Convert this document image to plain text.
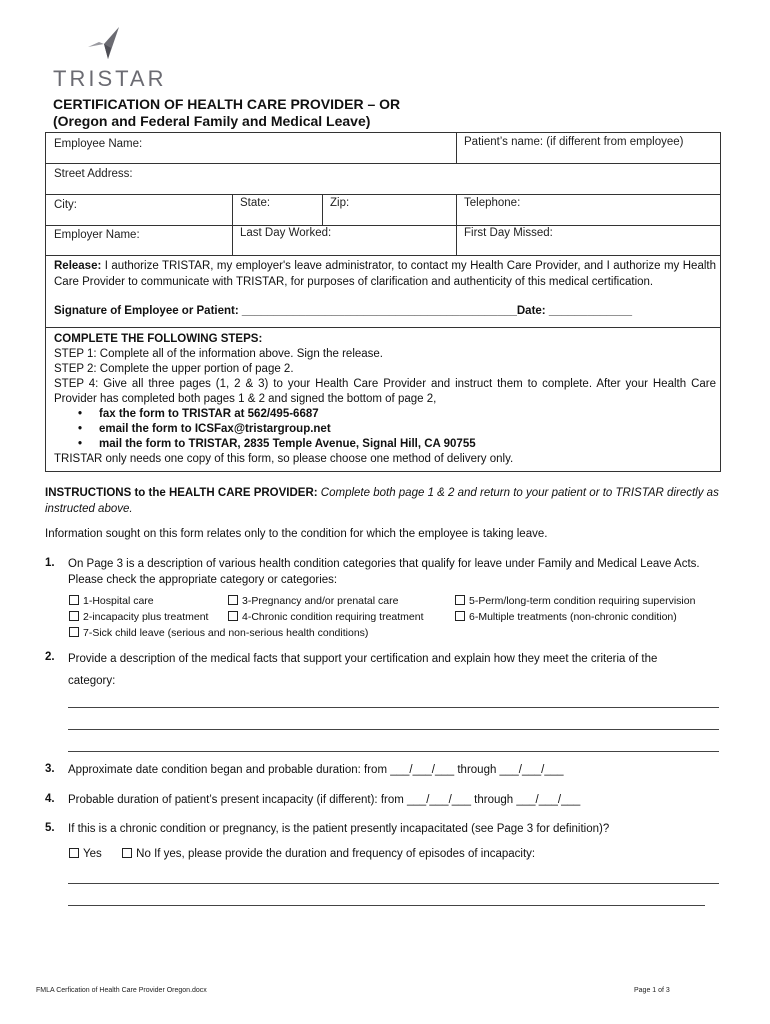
TRISTAR
CERTIFICATION OF HEALTH CARE PROVIDER – OR
(Oregon and Federal Family and Medical Leave)
Employee Name:	Patient’s name: (if different from employee)
Street Address:
City:	State:	Zip:	Telephone:
Employer Name:	Last Day Worked:	First Day Missed:
Release: I authorize TRISTAR, my employer's leave administrator, to contact my Health Care Provider, and I authorize my Health Care Provider to communicate with TRISTAR, for purposes of clarification and authenticity of this medical certification.
Signature of Employee or Patient: ___________________________________________Date: _____________
COMPLETE THE FOLLOWING STEPS:
STEP 1: Complete all of the information above. Sign the release.
STEP 2: Complete the upper portion of page 2.
STEP 4: Give all three pages (1, 2 & 3) to your Health Care Provider and instruct them to complete. After your Health Care Provider has completed both pages 1 & 2 and signed the bottom of page 2,
• fax the form to TRISTAR at 562/495-6687
• email the form to ICSFax@tristargroup.net
• mail the form to TRISTAR, 2835 Temple Avenue, Signal Hill, CA 90755
TRISTAR only needs one copy of this form, so please choose one method of delivery only.
INSTRUCTIONS to the HEALTH CARE PROVIDER: Complete both page 1 & 2 and return to your patient or to TRISTAR directly as instructed above.
Information sought on this form relates only to the condition for which the employee is taking leave.
1. On Page 3 is a description of various health condition categories that qualify for leave under Family and Medical Leave Acts. Please check the appropriate category or categories:
1-Hospital care	3-Pregnancy and/or prenatal care	5-Perm/long-term condition requiring supervision
2-incapacity plus treatment	4-Chronic condition requiring treatment	6-Multiple treatments (non-chronic condition)
7-Sick child leave (serious and non-serious health conditions)
2. Provide a description of the medical facts that support your certification and explain how they meet the criteria of the
category:
3. Approximate date condition began and probable duration: from ___/___/___ through ___/___/___
4. Probable duration of patient’s present incapacity (if different): from ___/___/___ through ___/___/___
5. If this is a chronic condition or pregnancy, is the patient presently incapacitated (see Page 3 for definition)?
Yes	No If yes, please provide the duration and frequency of episodes of incapacity:
FMLA Cerfication of Health Care Provider Oregon.docx	Page 1 of 3
